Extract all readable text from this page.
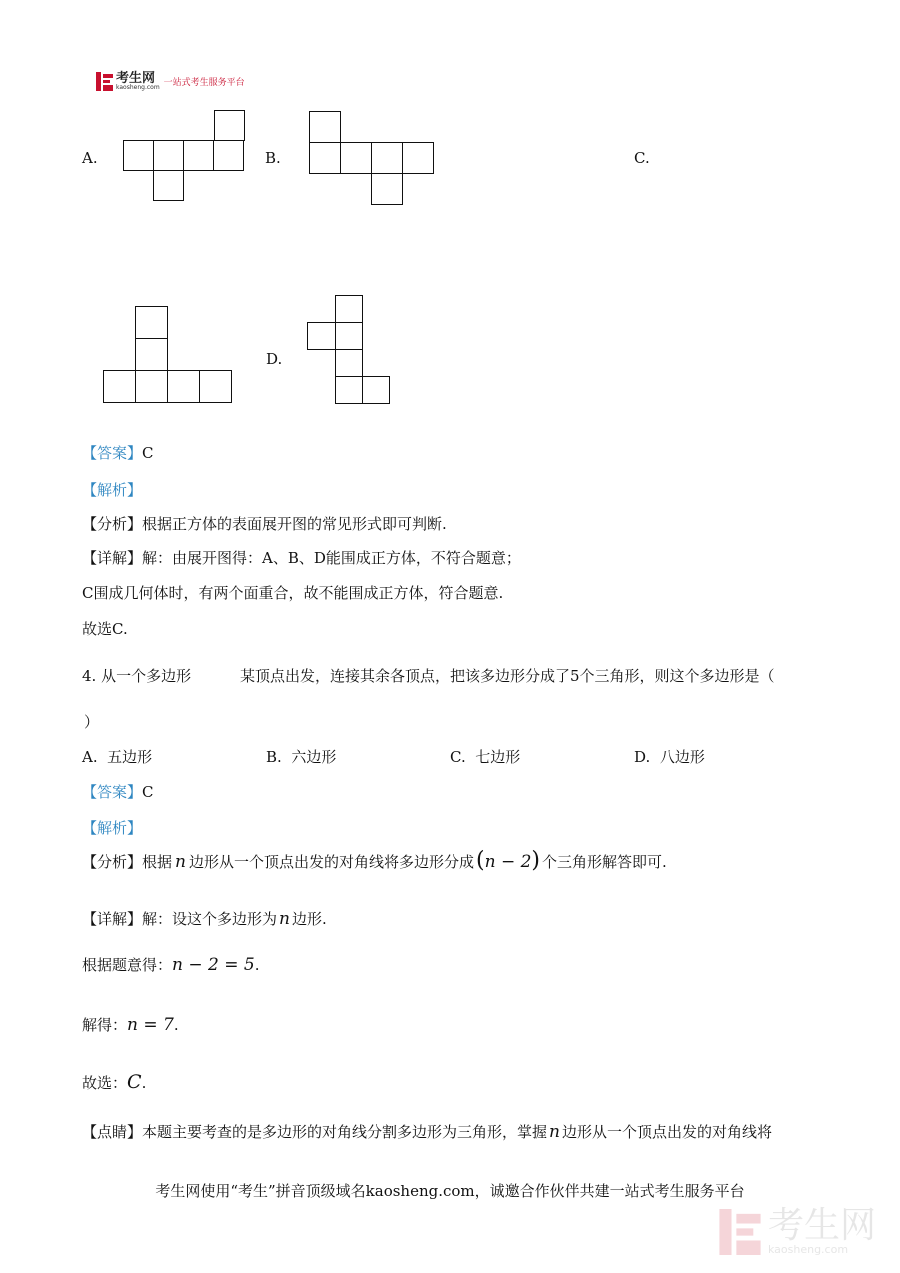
考生网
kaosheng.com 一站式考生服务平台
A.	B.	C.
D.
【答案】C
【解析】
【分析】根据正方体的表面展开图的常见形式即可判断.
【详解】解：由展开图得：A、B、D能围成正方体，不符合题意；
C围成几何体时，有两个面重合，故不能围成正方体，符合题意.
故选C.
4. 从一个多边形	某顶点出发，连接其余各顶点，把该多边形分成了5个三角形，则这个多边形是（
）
A. 五边形	B. 六边形	C. 七边形	D. 八边形
【答案】C
【解析】
【分析】 根据 n 边形从一个顶点出发的对角线将多边形分成 (n − 2) 个三角形解答即可.
【详解】 解：设这个多边形为 n 边形.
根据题意得： n − 2 = 5 .
解得： n = 7 .
故选： C .
【点睛】 本题主要考查的是多边形的对角线分割多边形为三角形，掌握 n 边形从一个顶点出发的对角线将
考生网使用“考生”拼音顶级域名kaosheng.com，诚邀合作伙伴共建一站式考生服务平台
考生网
kaosheng.com
